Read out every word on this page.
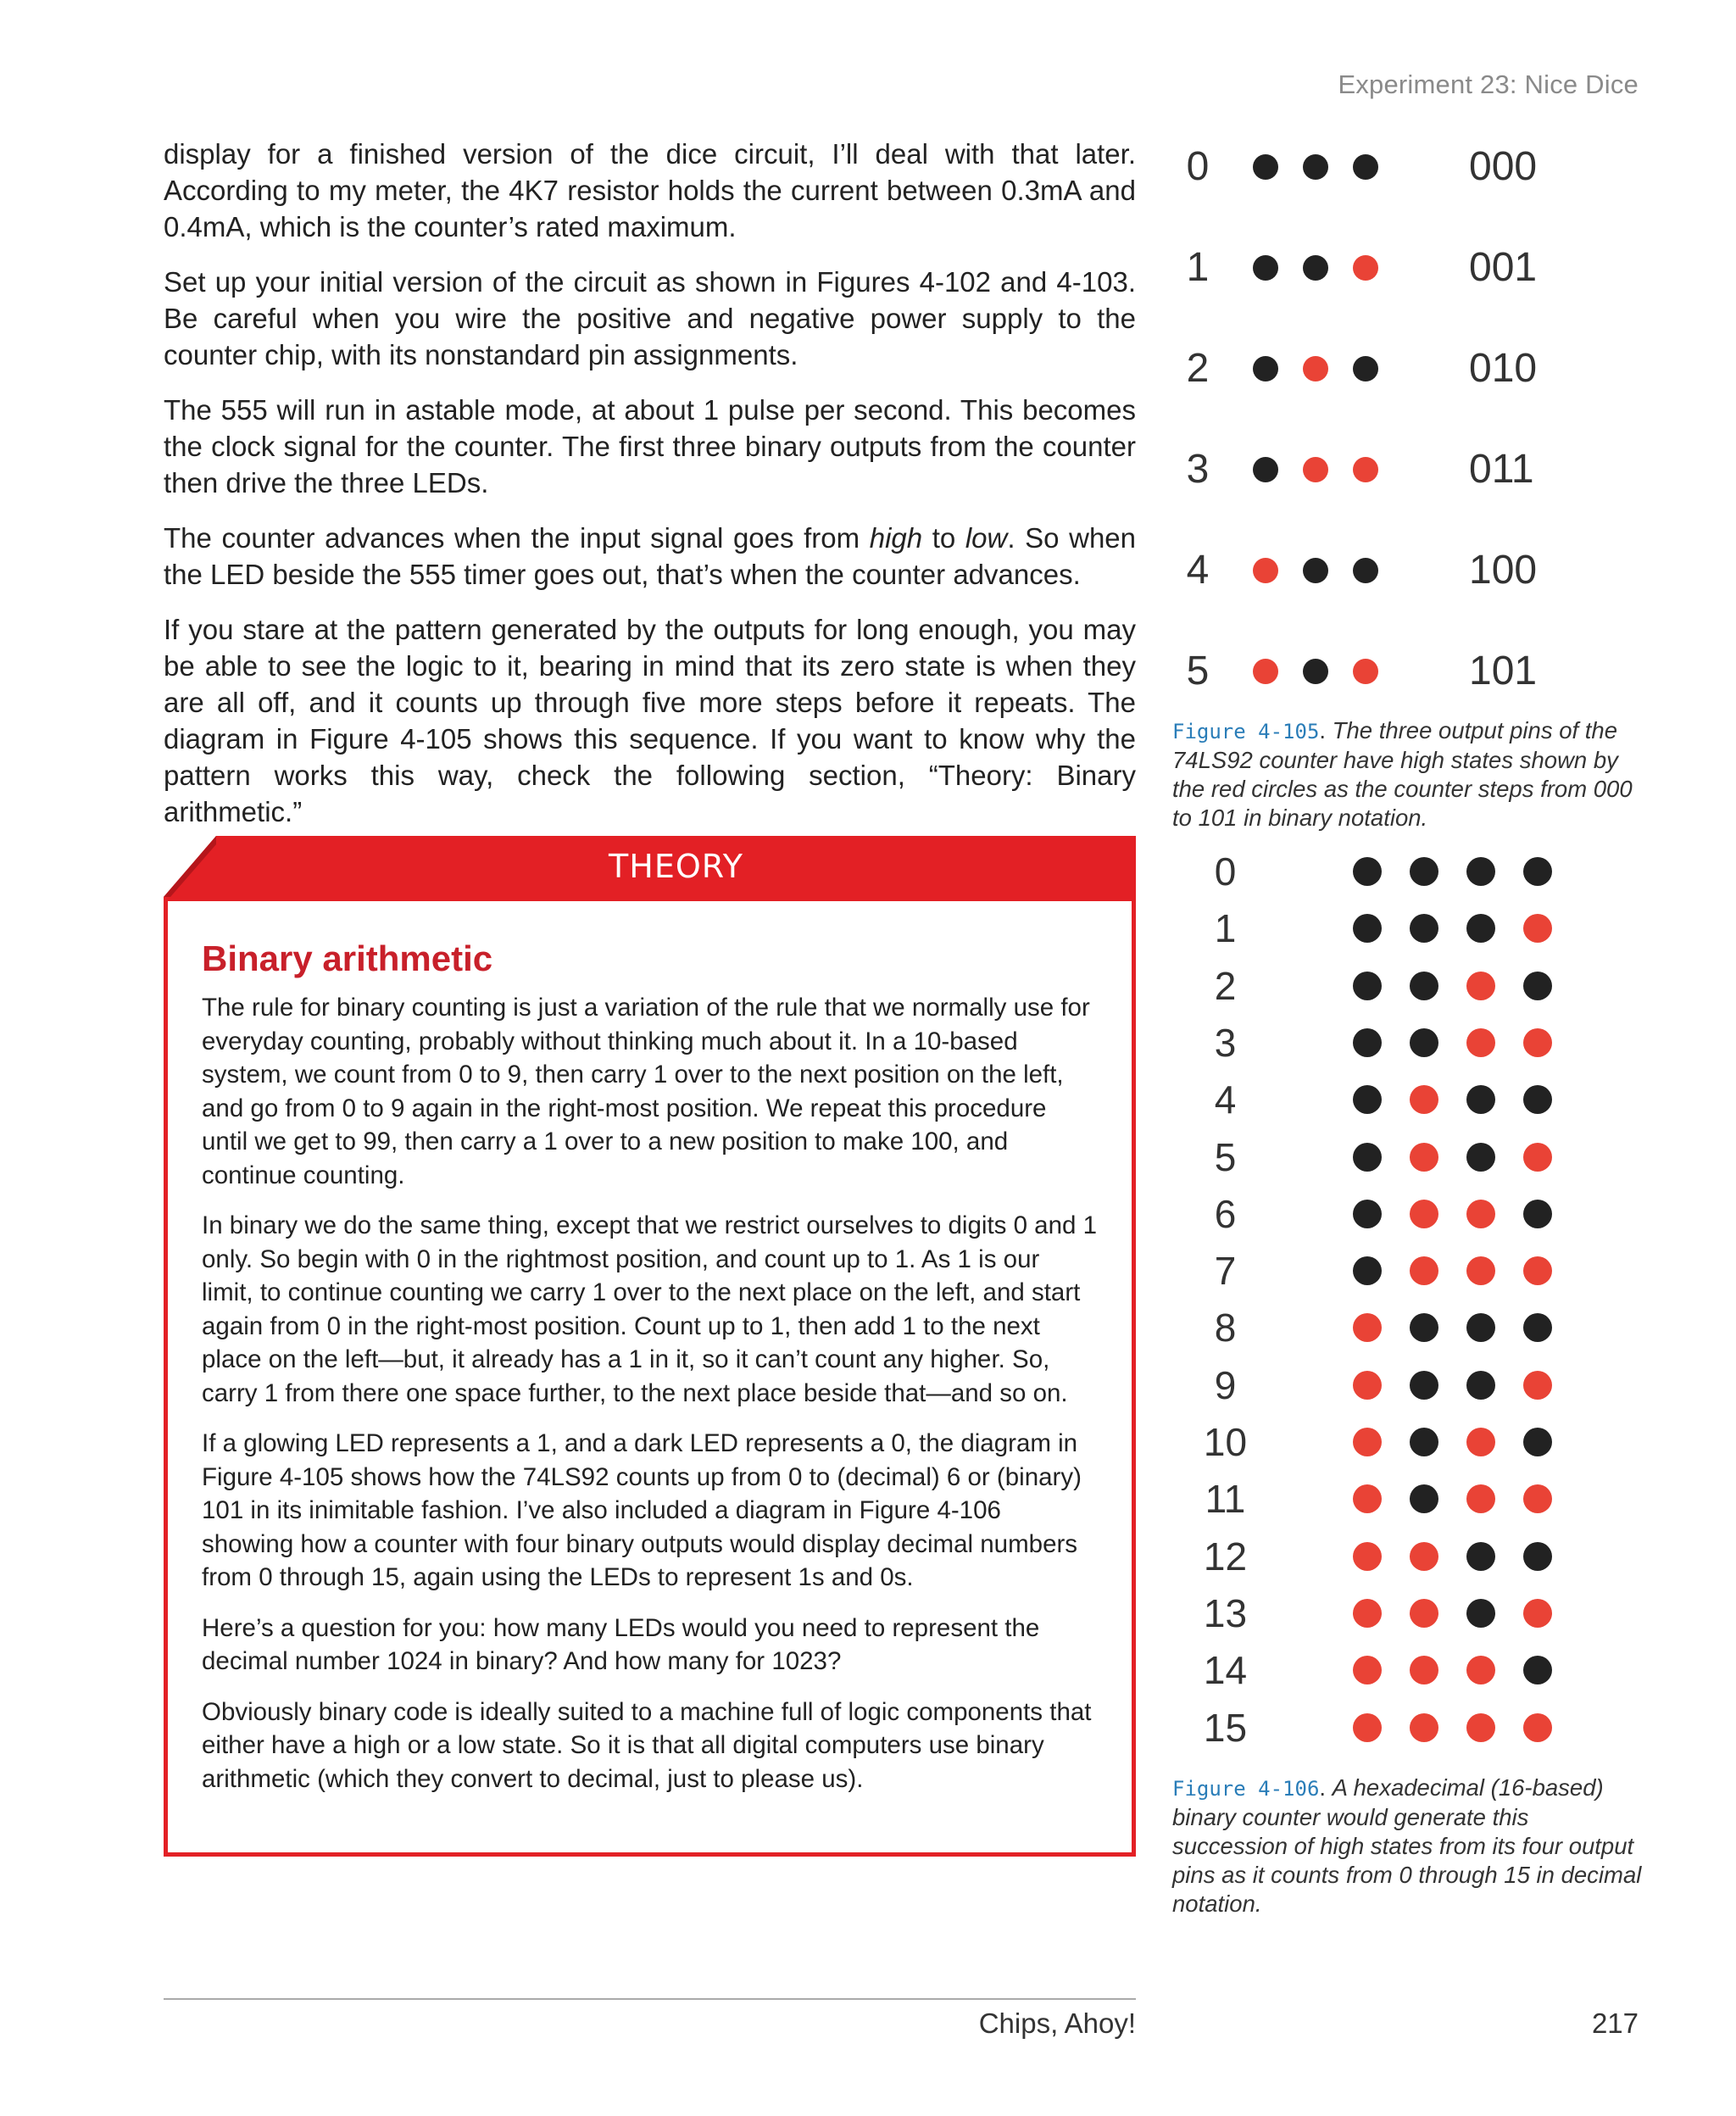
Experiment 23: Nice Dice

display for a finished version of the dice circuit, I’ll deal with that later. According to my meter, the 4K7 resistor holds the current between 0.3mA and 0.4mA, which is the counter’s rated maximum.

Set up your initial version of the circuit as shown in Figures 4-102 and 4-103. Be careful when you wire the positive and negative power supply to the counter chip, with its nonstandard pin assignments.

The 555 will run in astable mode, at about 1 pulse per second. This becomes the clock signal for the counter. The first three binary outputs from the counter then drive the three LEDs.

The counter advances when the input signal goes from high to low. So when the LED beside the 555 timer goes out, that’s when the counter advances.

If you stare at the pattern generated by the outputs for long enough, you may be able to see the logic to it, bearing in mind that its zero state is when they are all off, and it counts up through five more steps before it repeats. The diagram in Figure 4-105 shows this sequence. If you want to know why the pattern works this way, check the following section, “Theory: Binary arithmetic.”

THEORY
Binary arithmetic

The rule for binary counting is just a variation of the rule that we normally use for everyday counting, probably without thinking much about it. In a 10-based system, we count from 0 to 9, then carry 1 over to the next position on the left, and go from 0 to 9 again in the right-most position. We repeat this procedure until we get to 99, then carry a 1 over to a new position to make 100, and continue counting.

In binary we do the same thing, except that we restrict ourselves to digits 0 and 1 only. So begin with 0 in the rightmost position, and count up to 1. As 1 is our limit, to continue counting we carry 1 over to the next place on the left, and start again from 0 in the right-most position. Count up to 1, then add 1 to the next place on the left—but, it already has a 1 in it, so it can’t count any higher. So, carry 1 from there one space further, to the next place beside that—and so on.

If a glowing LED represents a 1, and a dark LED represents a 0, the diagram in Figure 4-105 shows how the 74LS92 counts up from 0 to (decimal) 6 or (binary) 101 in its inimitable fashion. I’ve also included a diagram in Figure 4-106 showing how a counter with four binary outputs would display decimal numbers from 0 through 15, again using the LEDs to represent 1s and 0s.

Here’s a question for you: how many LEDs would you need to represent the decimal number 1024 in binary? And how many for 1023?

Obviously binary code is ideally suited to a machine full of logic components that either have a high or a low state. So it is that all digital computers use binary arithmetic (which they convert to decimal, just to please us).

0	000
1	001
2	010
3	011
4	100
5	101
Figure 4-105. The three output pins of the 74LS92 counter have high states shown by the red circles as the counter steps from 000 to 101 in binary notation.
0
1
2
3
4
5
6
7
8
9
10
11
12
13
14
15
Figure 4-106. A hexadecimal (16-based) binary counter would generate this succession of high states from its four output pins as it counts from 0 through 15 in decimal notation.
Chips, Ahoy!	217
